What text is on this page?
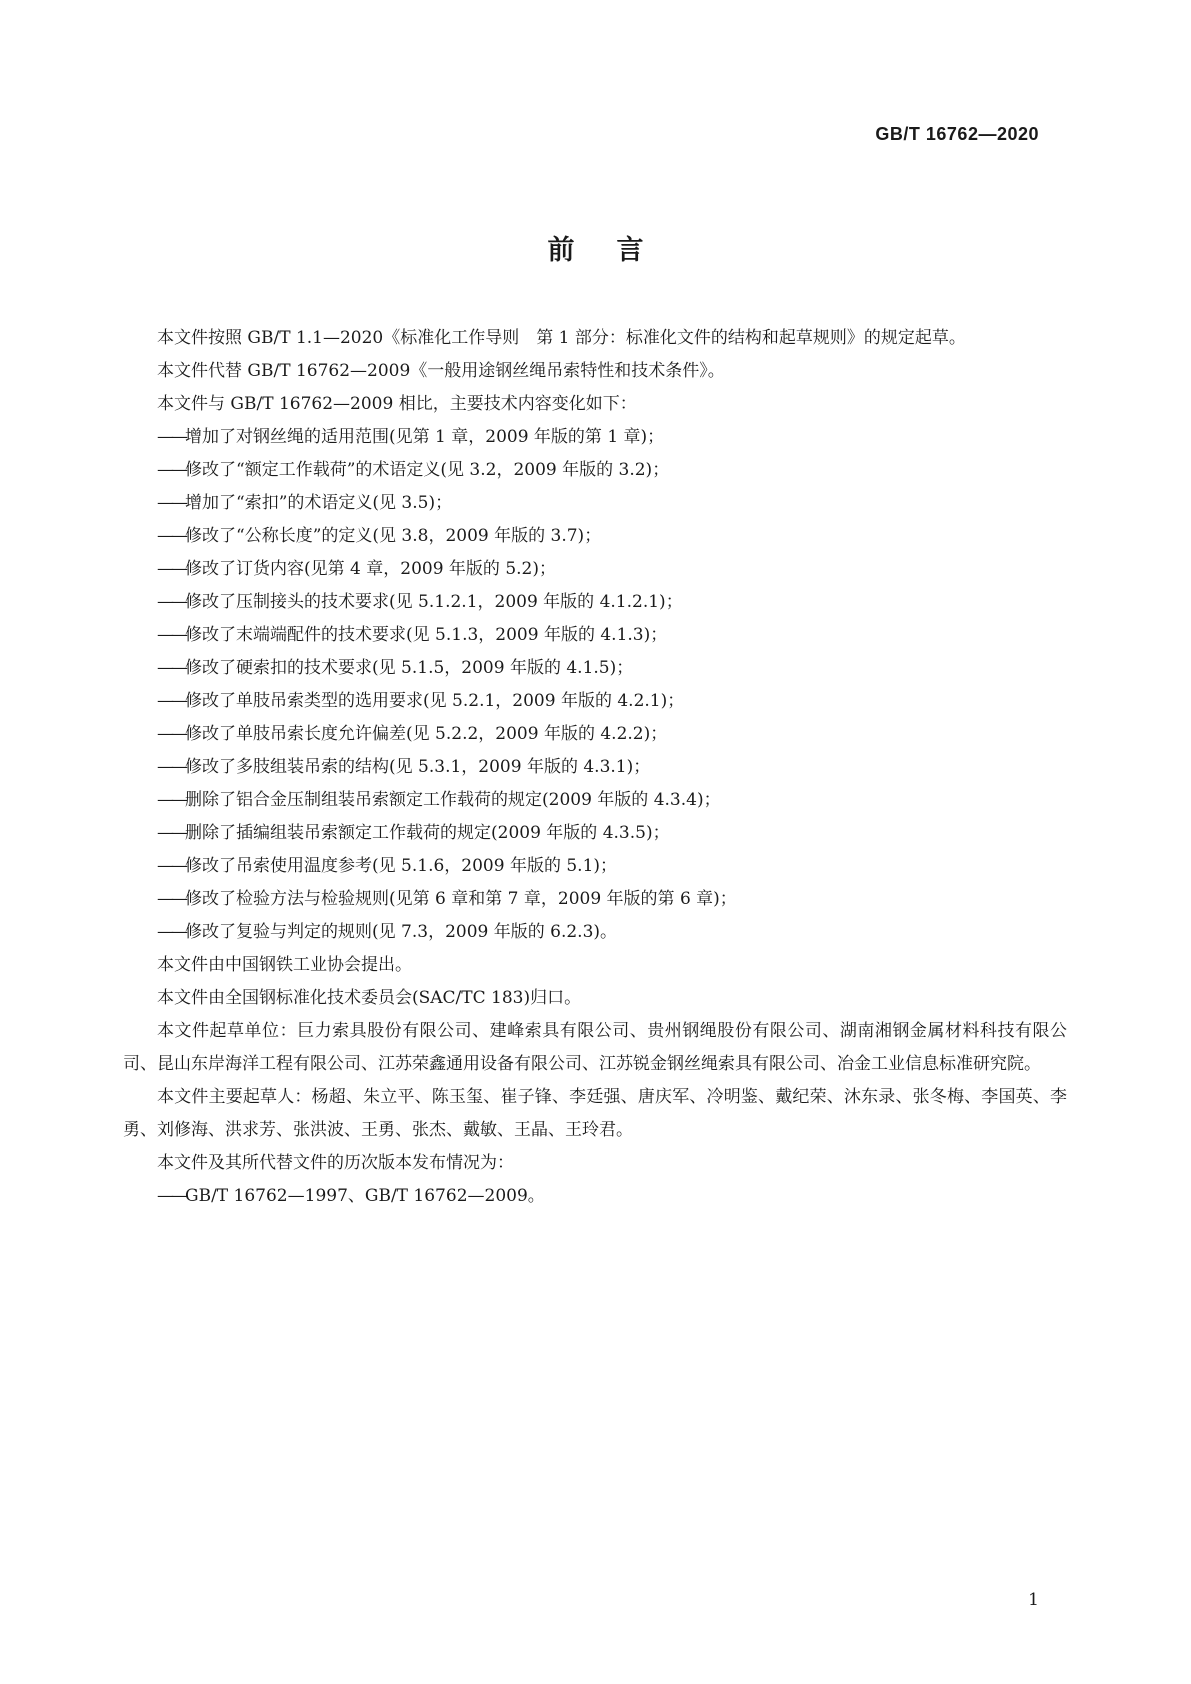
GB/T 16762—2020
前言

本文件按照 GB/T 1.1—2020《标准化工作导则　第 1 部分：标准化文件的结构和起草规则》的规定起草。

本文件代替 GB/T 16762—2009《一般用途钢丝绳吊索特性和技术条件》。

本文件与 GB/T 16762—2009 相比，主要技术内容变化如下：

——增加了对钢丝绳的适用范围(见第 1 章，2009 年版的第 1 章)；

——修改了“额定工作载荷”的术语定义(见 3.2，2009 年版的 3.2)；

——增加了“索扣”的术语定义(见 3.5)；

——修改了“公称长度”的定义(见 3.8，2009 年版的 3.7)；

——修改了订货内容(见第 4 章，2009 年版的 5.2)；

——修改了压制接头的技术要求(见 5.1.2.1，2009 年版的 4.1.2.1)；

——修改了末端端配件的技术要求(见 5.1.3，2009 年版的 4.1.3)；

——修改了硬索扣的技术要求(见 5.1.5，2009 年版的 4.1.5)；

——修改了单肢吊索类型的选用要求(见 5.2.1，2009 年版的 4.2.1)；

——修改了单肢吊索长度允许偏差(见 5.2.2，2009 年版的 4.2.2)；

——修改了多肢组装吊索的结构(见 5.3.1，2009 年版的 4.3.1)；

——删除了铝合金压制组装吊索额定工作载荷的规定(2009 年版的 4.3.4)；

——删除了插编组装吊索额定工作载荷的规定(2009 年版的 4.3.5)；

——修改了吊索使用温度参考(见 5.1.6，2009 年版的 5.1)；

——修改了检验方法与检验规则(见第 6 章和第 7 章，2009 年版的第 6 章)；

——修改了复验与判定的规则(见 7.3，2009 年版的 6.2.3)。

本文件由中国钢铁工业协会提出。

本文件由全国钢标准化技术委员会(SAC/TC 183)归口。

本文件起草单位：巨力索具股份有限公司、建峰索具有限公司、贵州钢绳股份有限公司、湖南湘钢金属材料科技有限公司、昆山东岸海洋工程有限公司、江苏荣鑫通用设备有限公司、江苏锐金钢丝绳索具有限公司、冶金工业信息标准研究院。

本文件主要起草人：杨超、朱立平、陈玉玺、崔子锋、李廷强、唐庆军、冷明鉴、戴纪荣、沐东录、张冬梅、李国英、李勇、刘修海、洪求芳、张洪波、王勇、张杰、戴敏、王晶、王玲君。

本文件及其所代替文件的历次版本发布情况为：

——GB/T 16762—1997、GB/T 16762—2009。

1
